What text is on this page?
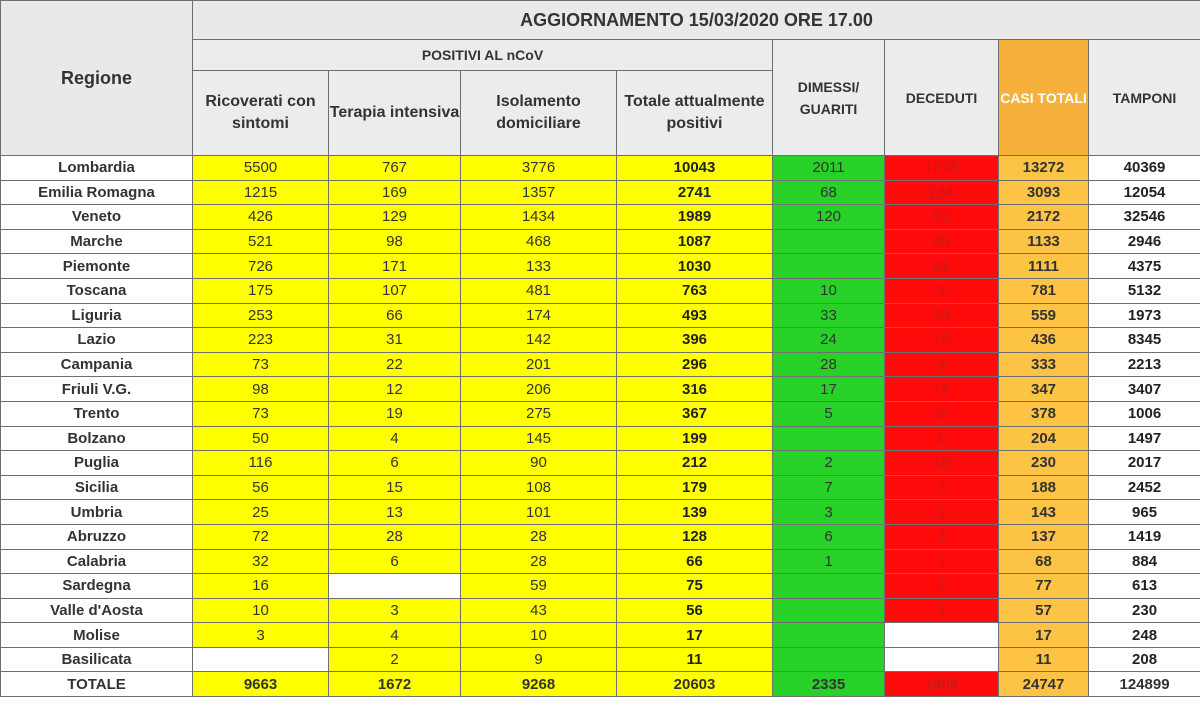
Regione	AGGIORNAMENTO 15/03/2020 ORE 17.00							
	POSITIVI AL nCoV				DIMESSI/ GUARITI	DECEDUTI	CASI TOTALI	TAMPONI
	Ricoverati con sintomi	Terapia intensiva	Isolamento domiciliare	Totale attualmente positivi				
Lombardia	5500	767	3776	10043	2011	1218	13272	40369
Emilia Romagna	1215	169	1357	2741	68	284	3093	12054
Veneto	426	129	1434	1989	120	63	2172	32546
Marche	521	98	468	1087		46	1133	2946
Piemonte	726	171	133	1030		81	1111	4375
Toscana	175	107	481	763	10	8	781	5132
Liguria	253	66	174	493	33	33	559	1973
Lazio	223	31	142	396	24	16	436	8345
Campania	73	22	201	296	28	9	333	2213
Friuli V.G.	98	12	206	316	17	14	347	3407
Trento	73	19	275	367	5	6	378	1006
Bolzano	50	4	145	199		5	204	1497
Puglia	116	6	90	212	2	16	230	2017
Sicilia	56	15	108	179	7	2	188	2452
Umbria	25	13	101	139	3	1	143	965
Abruzzo	72	28	28	128	6	3	137	1419
Calabria	32	6	28	66	1	1	68	884
Sardegna	16		59	75		2	77	613
Valle d'Aosta	10	3	43	56		1	57	230
Molise	3	4	10	17			17	248
Basilicata		2	9	11			11	208
TOTALE	9663	1672	9268	20603	2335	1809	24747	124899
